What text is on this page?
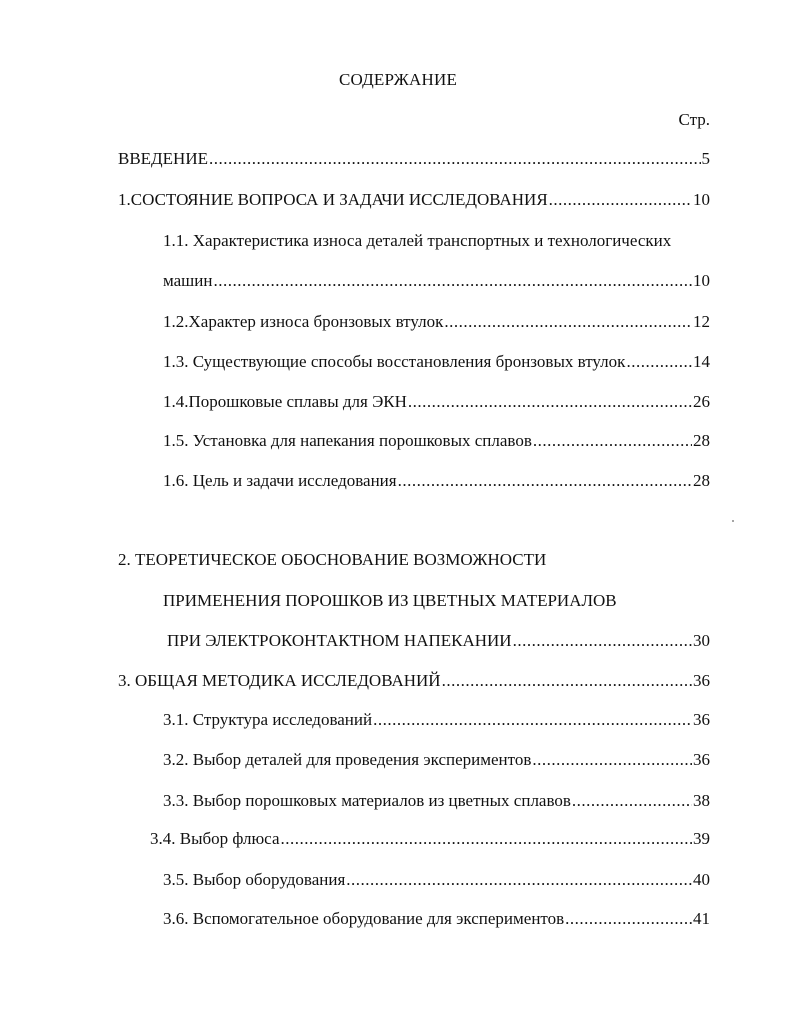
СОДЕРЖАНИЕ
Стр.
ВВЕДЕНИЕ .....	5
1.СОСТОЯНИЕ ВОПРОСА И ЗАДАЧИ ИССЛЕДОВАНИЯ .....	10
1.1. Характеристика износа деталей транспортных и технологических
машин .....	10
1.2.Характер износа бронзовых втулок .....	12
1.3. Существующие способы восстановления бронзовых втулок .....	14
1.4.Порошковые сплавы для ЭКН .....	26
1.5. Установка для напекания порошковых сплавов .....	28
1.6. Цель и задачи исследования .....	28
2. ТЕОРЕТИЧЕСКОЕ ОБОСНОВАНИЕ ВОЗМОЖНОСТИ
ПРИМЕНЕНИЯ ПОРОШКОВ ИЗ ЦВЕТНЫХ МАТЕРИАЛОВ
ПРИ ЭЛЕКТРОКОНТАКТНОМ НАПЕКАНИИ .....	30
3. ОБЩАЯ МЕТОДИКА ИССЛЕДОВАНИЙ .....	36
3.1. Структура исследований .....	36
3.2. Выбор деталей для проведения экспериментов .....	36
3.3. Выбор порошковых материалов из цветных сплавов .....	38
3.4. Выбор флюса .....	39
3.5. Выбор оборудования .....	40
3.6. Вспомогательное оборудование для экспериментов .....	41
